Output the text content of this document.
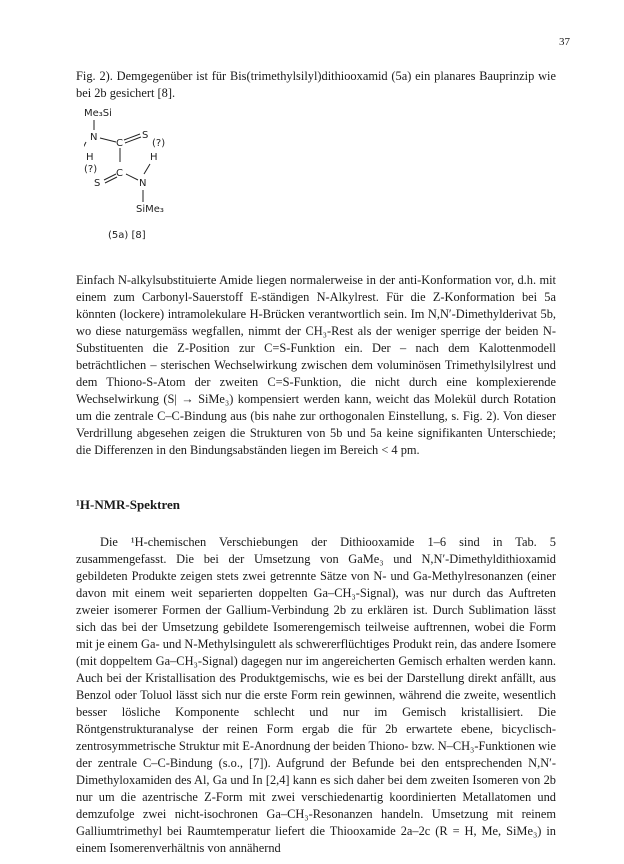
37

Fig. 2). Demgegenüber ist für Bis(trimethylsilyl)dithiooxamid (5a) ein planares Bauprinzip wie bei 2b gesichert [8].

Me₃Si
N
H
C
S
(?)
H
(?)
S
C
N
SiMe₃
(5a) [8]

Einfach N-alkylsubstituierte Amide liegen normalerweise in der anti-Konformation vor, d.h. mit einem zum Carbonyl-Sauerstoff E-ständigen N-Alkylrest. Für die Z-Konformation bei 5a könnten (lockere) intramolekulare H-Brücken verantwortlich sein. Im N,N′-Dimethylderivat 5b, wo diese naturgemäss wegfallen, nimmt der CH₃-Rest als der weniger sperrige der beiden N-Substituenten die Z-Position zur C=S-Funktion ein. Der – nach dem Kalottenmodell beträchtlichen – sterischen Wechselwirkung zwischen dem voluminösen Trimethylsilylrest und dem Thiono-S-Atom der zweiten C=S-Funktion, die nicht durch eine komplexierende Wechselwirkung (S| → SiMe₃) kompensiert werden kann, weicht das Molekül durch Rotation um die zentrale C–C-Bindung aus (bis nahe zur orthogonalen Einstellung, s. Fig. 2). Von dieser Verdrillung abgesehen zeigen die Strukturen von 5b und 5a keine signifikanten Unterschiede; die Differenzen in den Bindungsabständen liegen im Bereich < 4 pm.

¹H-NMR-Spektren

Die ¹H-chemischen Verschiebungen der Dithiooxamide 1–6 sind in Tab. 5 zusammengefasst. Die bei der Umsetzung von GaMe₃ und N,N′-Dimethyldithioxamid gebildeten Produkte zeigen stets zwei getrennte Sätze von N- und Ga-Methylresonanzen (einer davon mit einem weit separierten doppelten Ga–CH₃-Signal), was nur durch das Auftreten zweier isomerer Formen der Gallium-Verbindung 2b zu erklären ist. Durch Sublimation lässt sich das bei der Umsetzung gebildete Isomerengemisch teilweise auftrennen, wobei die Form mit je einem Ga- und N-Methylsingulett als schwererflüchtiges Produkt rein, das andere Isomere (mit doppeltem Ga–CH₃-Signal) dagegen nur im angereicherten Gemisch erhalten werden kann. Auch bei der Kristallisation des Produktgemischs, wie es bei der Darstellung direkt anfällt, aus Benzol oder Toluol lässt sich nur die erste Form rein gewinnen, während die zweite, wesentlich besser lösliche Komponente schlecht und nur im Gemisch kristallisiert. Die Röntgenstrukturanalyse der reinen Form ergab die für 2b erwartete ebene, bicyclisch-zentrosymmetrische Struktur mit E-Anordnung der beiden Thiono- bzw. N–CH₃-Funktionen wie der zentrale C–C-Bindung (s.o., [7]). Aufgrund der Befunde bei den entsprechenden N,N′-Dimethyloxamiden des Al, Ga und In [2,4] kann es sich daher bei dem zweiten Isomeren von 2b nur um die azentrische Z-Form mit zwei verschiedenartig koordinierten Metallatomen und demzufolge zwei nicht-isochronen Ga–CH₃-Resonanzen handeln. Umsetzung mit reinem Galliumtrimethyl bei Raumtemperatur liefert die Thiooxamide 2a–2c (R = H, Me, SiMe₃) in einem Isomerenverhältnis von annähernd
